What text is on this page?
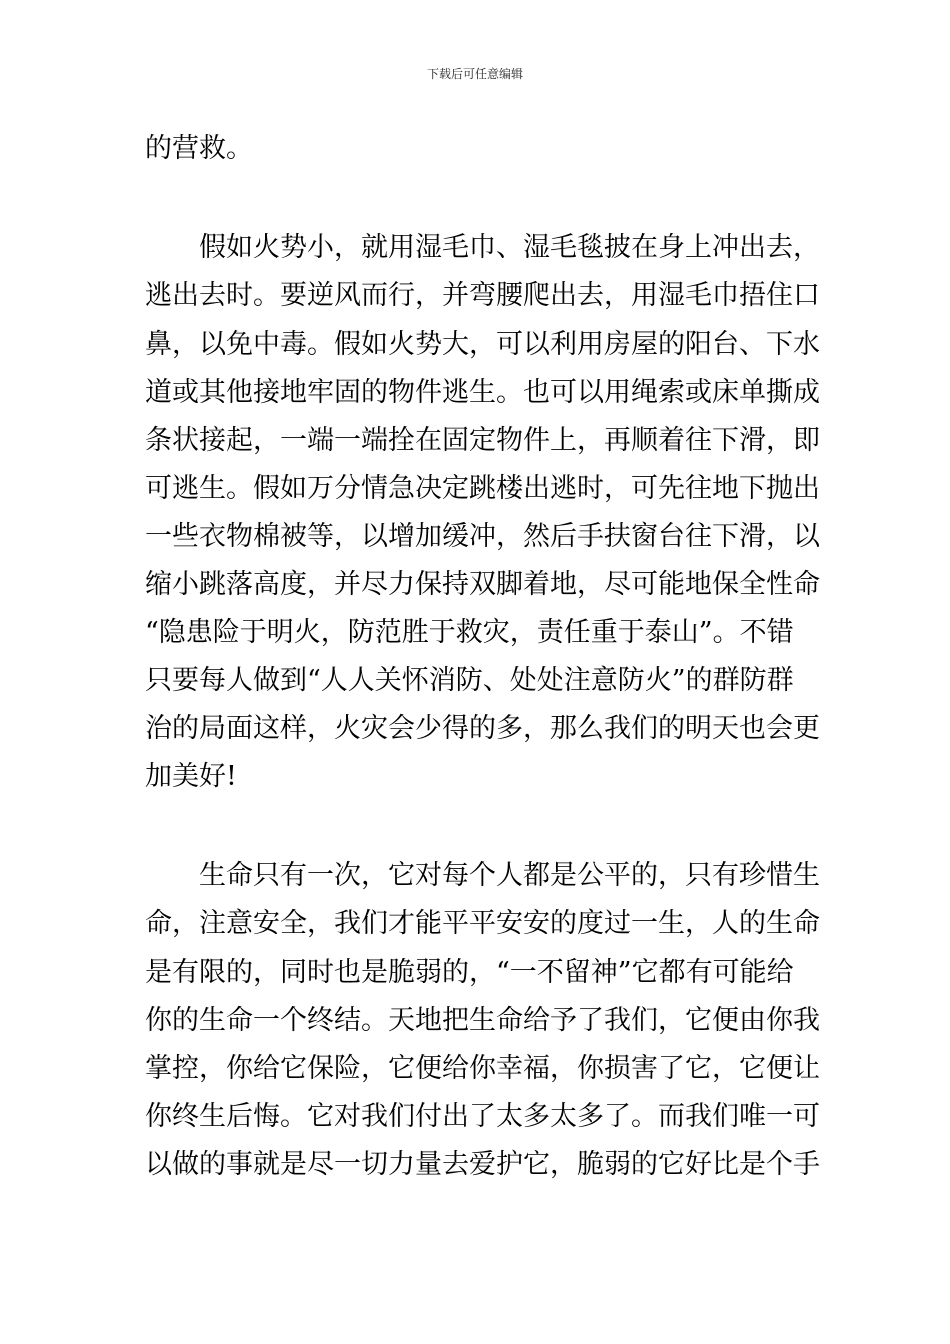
下载后可任意编辑
的营救。
假如火势小，就用湿毛巾、湿毛毯披在身上冲出去，
逃出去时。要逆风而行，并弯腰爬出去，用湿毛巾捂住口
鼻，以免中毒。假如火势大，可以利用房屋的阳台、下水
道或其他接地牢固的物件逃生。也可以用绳索或床单撕成
条状接起，一端一端拴在固定物件上，再顺着往下滑，即
可逃生。假如万分情急决定跳楼出逃时，可先往地下抛出
一些衣物棉被等，以增加缓冲，然后手扶窗台往下滑，以
缩小跳落高度，并尽力保持双脚着地，尽可能地保全性命
“隐患险于明火，防范胜于救灾，责任重于泰山”。不错
只要每人做到“人人关怀消防、处处注意防火”的群防群
治的局面这样，火灾会少得的多，那么我们的明天也会更
加美好!
生命只有一次，它对每个人都是公平的，只有珍惜生
命，注意安全，我们才能平平安安的度过一生，人的生命
是有限的，同时也是脆弱的，“一不留神”它都有可能给
你的生命一个终结。天地把生命给予了我们，它便由你我
掌控，你给它保险，它便给你幸福，你损害了它，它便让
你终生后悔。它对我们付出了太多太多了。而我们唯一可
以做的事就是尽一切力量去爱护它，脆弱的它好比是个手
